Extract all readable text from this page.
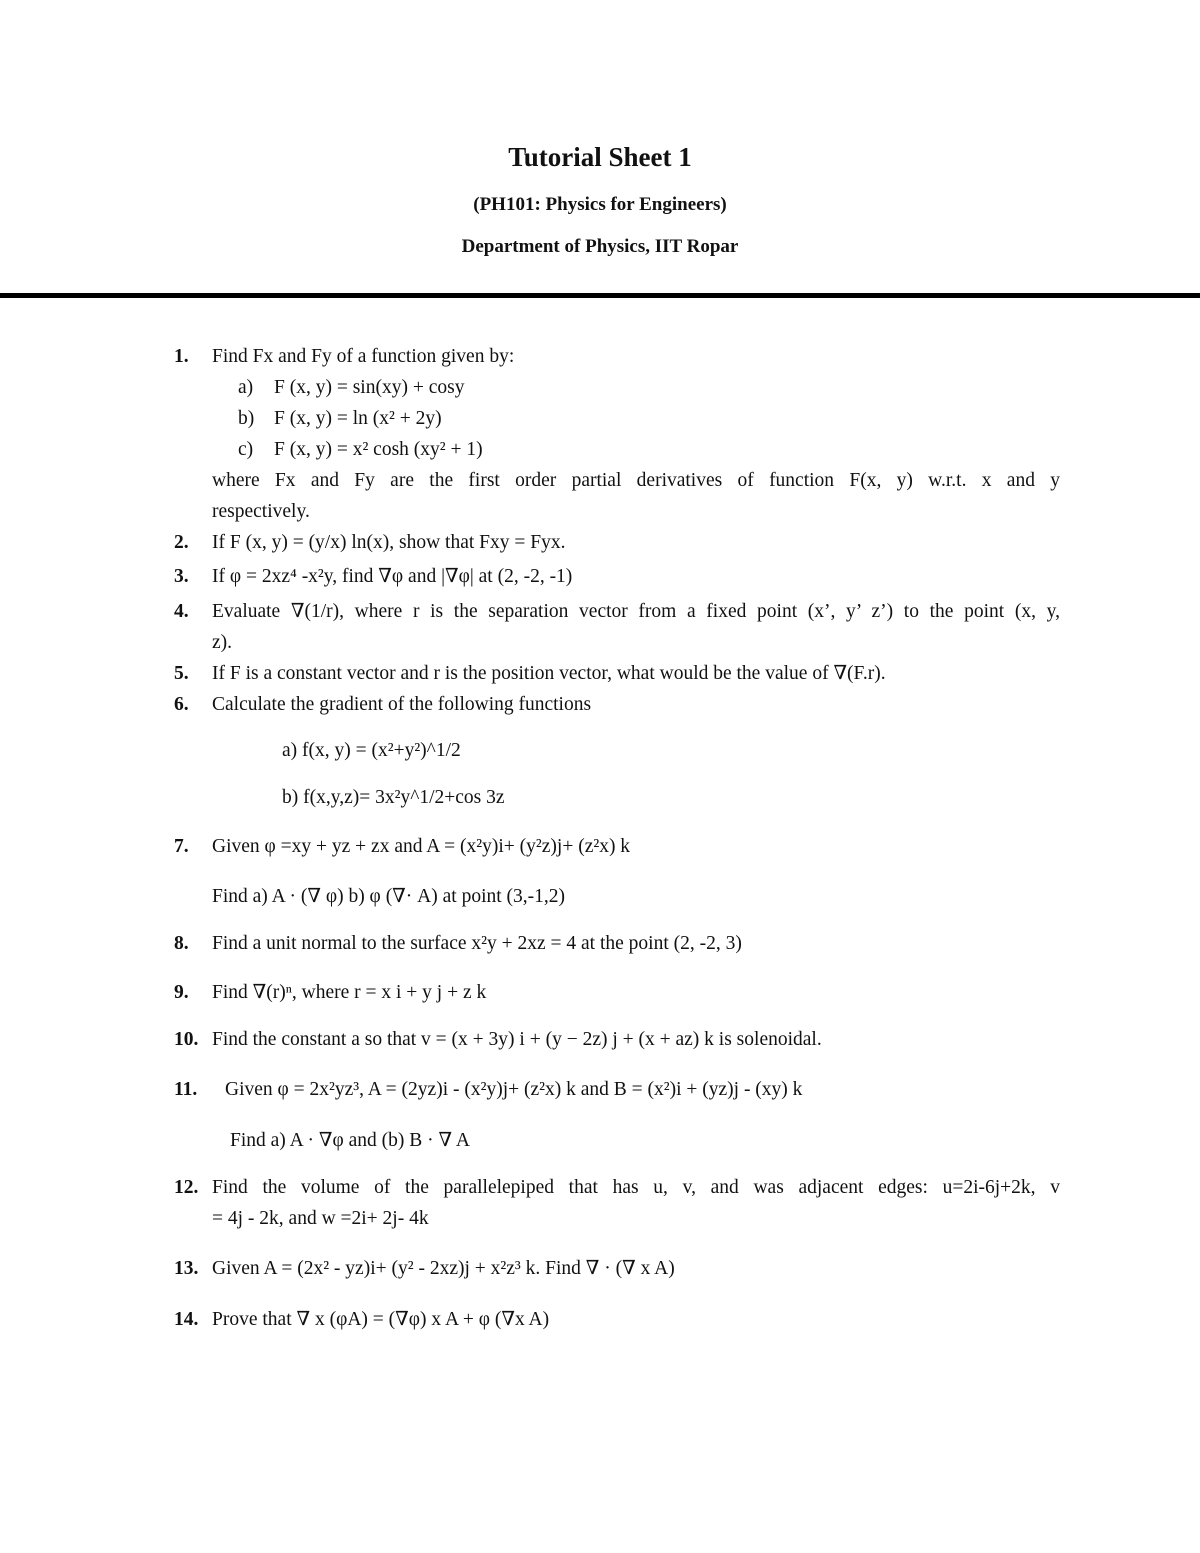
Tutorial Sheet 1
(PH101: Physics for Engineers)
Department of Physics, IIT Ropar
1. Find Fx and Fy of a function given by:
a) F (x, y) = sin(xy) + cosy
b) F (x, y) = ln (x² + 2y)
c) F (x, y) = x² cosh (xy² + 1)
where Fx and Fy are the first order partial derivatives of function F(x, y) w.r.t. x and y
respectively.
2. If F (x, y) = (y/x) ln(x), show that Fxy = Fyx.
3. If φ = 2xz⁴ -x²y, find ∇φ and |∇φ| at (2, -2, -1)
4. Evaluate ∇(1/r), where r is the separation vector from a fixed point (x’, y’ z’) to the point (x, y,
z).
5. If F is a constant vector and r is the position vector, what would be the value of ∇(F.r).
6. Calculate the gradient of the following functions
a) f(x, y) = (x²+y²)^1/2
b) f(x,y,z)= 3x²y^1/2+cos 3z
7. Given φ =xy + yz + zx and A = (x²y)i+ (y²z)j+ (z²x) k
Find a) A · (∇ φ) b) φ (∇· A) at point (3,-1,2)
8. Find a unit normal to the surface x²y + 2xz = 4 at the point (2, -2, 3)
9. Find ∇(r)ⁿ, where r = x i + y j + z k
10. Find the constant a so that v = (x + 3y) i + (y − 2z) j + (x + az) k is solenoidal.
11. Given φ = 2x²yz³, A = (2yz)i - (x²y)j+ (z²x) k and B = (x²)i + (yz)j - (xy) k
Find a) A · ∇φ and (b) B · ∇ A
12. Find the volume of the parallelepiped that has u, v, and was adjacent edges: u=2i-6j+2k, v
= 4j - 2k, and w =2i+ 2j- 4k
13. Given A = (2x² - yz)i+ (y² - 2xz)j + x²z³ k. Find ∇ · (∇ x A)
14. Prove that ∇ x (φA) = (∇φ) x A + φ (∇x A)
